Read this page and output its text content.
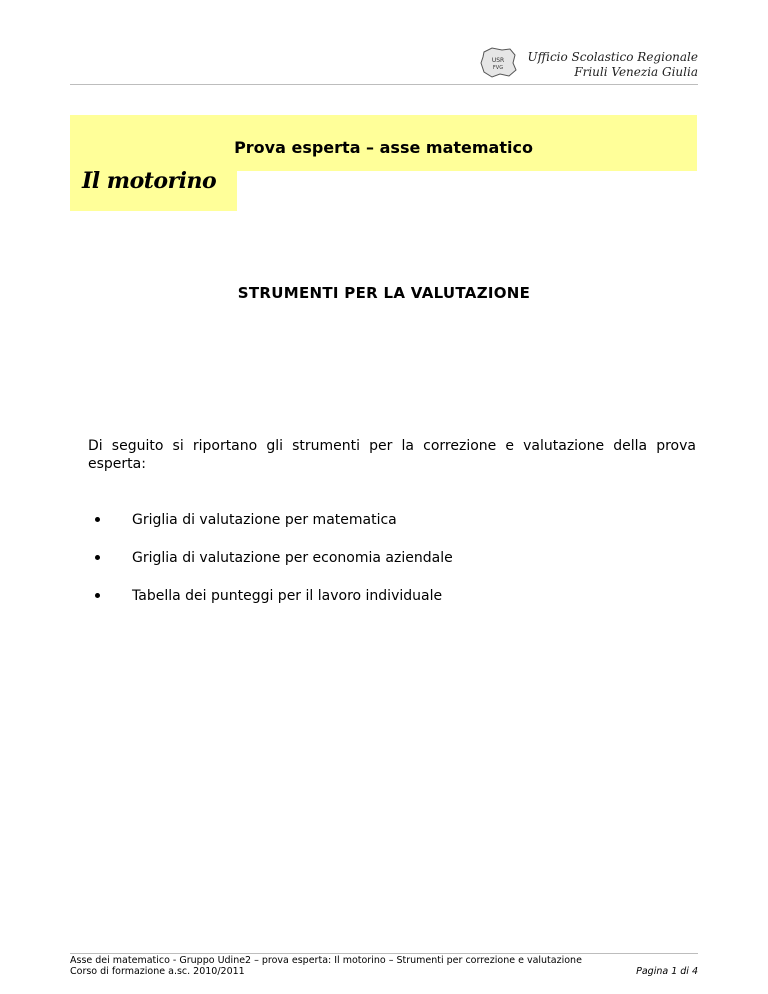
USR
FVG
Ufficio Scolastico Regionale
Friuli Venezia Giulia
Prova esperta – asse matematico
Il motorino
STRUMENTI PER LA VALUTAZIONE
Di seguito si riportano gli strumenti per la correzione e valutazione della prova esperta:
Griglia di valutazione per matematica
Griglia di valutazione per economia aziendale
Tabella dei punteggi per il lavoro individuale
Asse dei matematico - Gruppo Udine2 – prova esperta: Il motorino – Strumenti per correzione e valutazione
Corso di formazione a.sc. 2010/2011	Pagina 1 di 4
